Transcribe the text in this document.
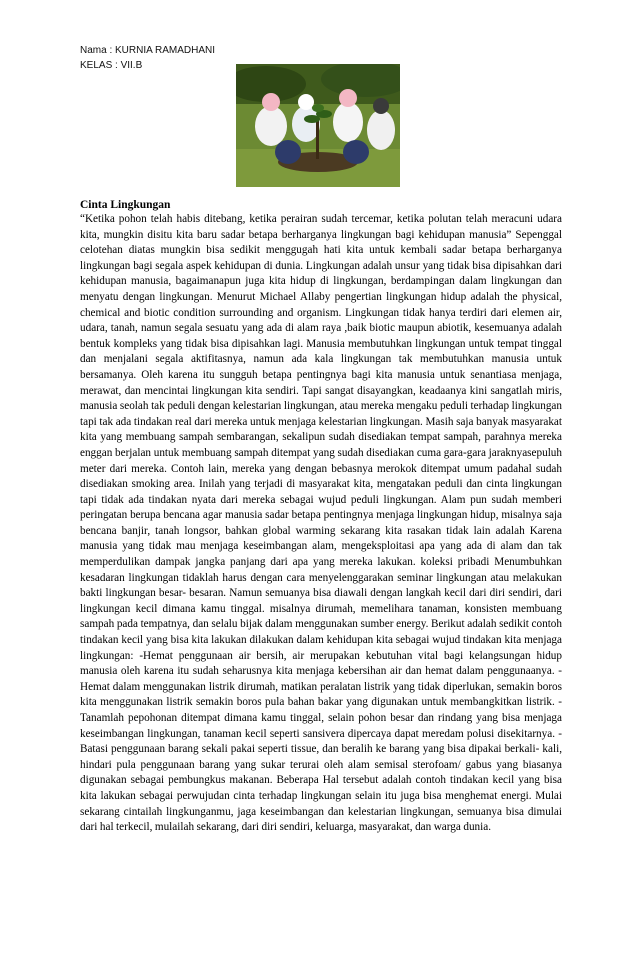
Nama : KURNIA RAMADHANI
KELAS : VII.B
Cinta Lingkungan

“Ketika pohon telah habis ditebang, ketika perairan sudah tercemar, ketika polutan telah meracuni udara kita, mungkin disitu kita baru sadar betapa berharganya lingkungan bagi kehidupan manusia” Sepenggal celotehan diatas mungkin bisa sedikit menggugah hati kita untuk kembali sadar betapa berharganya lingkungan bagi segala aspek kehidupan di dunia. Lingkungan adalah unsur yang tidak bisa dipisahkan dari kehidupan manusia, bagaimanapun juga kita hidup di lingkungan, berdampingan dalam lingkungan dan menyatu dengan lingkungan. Menurut Michael Allaby pengertian lingkungan hidup adalah the physical, chemical and biotic condition surrounding and organism. Lingkungan tidak hanya terdiri dari elemen air, udara, tanah, namun segala sesuatu yang ada di alam raya ,baik biotic maupun abiotik, kesemuanya adalah bentuk kompleks yang tidak bisa dipisahkan lagi. Manusia membutuhkan lingkungan untuk tempat tinggal dan menjalani segala aktifitasnya, namun ada kala lingkungan tak membutuhkan manusia untuk bersamanya. Oleh karena itu sungguh betapa pentingnya bagi kita manusia untuk senantiasa menjaga, merawat, dan mencintai lingkungan kita sendiri. Tapi sangat disayangkan, keadaanya kini sangatlah miris, manusia seolah tak peduli dengan kelestarian lingkungan, atau mereka mengaku peduli terhadap lingkungan tapi tak ada tindakan real dari mereka untuk menjaga kelestarian lingkungan. Masih saja banyak masyarakat kita yang membuang sampah sembarangan, sekalipun sudah disediakan tempat sampah, parahnya mereka enggan berjalan untuk membuang sampah ditempat yang sudah disediakan cuma gara-gara jaraknyasepuluh meter dari mereka. Contoh lain, mereka yang dengan bebasnya merokok ditempat umum padahal sudah disediakan smoking area. Inilah yang terjadi di masyarakat kita, mengatakan peduli dan cinta lingkungan tapi tidak ada tindakan nyata dari mereka sebagai wujud peduli lingkungan. Alam pun sudah memberi peringatan berupa bencana agar manusia sadar betapa pentingnya menjaga lingkungan hidup, misalnya saja bencana banjir, tanah longsor, bahkan global warming sekarang kita rasakan tidak lain adalah Karena manusia yang tidak mau menjaga keseimbangan alam, mengeksploitasi apa yang ada di alam dan tak memperdulikan dampak jangka panjang dari apa yang mereka lakukan. koleksi pribadi Menumbuhkan kesadaran lingkungan tidaklah harus dengan cara menyelenggarakan seminar lingkungan atau melakukan bakti lingkungan besar- besaran. Namun semuanya bisa diawali dengan langkah kecil dari diri sendiri, dari lingkungan kecil dimana kamu tinggal. misalnya dirumah, memelihara tanaman, konsisten membuang sampah pada tempatnya, dan selalu bijak dalam menggunakan sumber energy. Berikut adalah sedikit contoh tindakan kecil yang bisa kita lakukan dilakukan dalam kehidupan kita sebagai wujud tindakan kita menjaga lingkungan: -Hemat penggunaan air bersih, air merupakan kebutuhan vital bagi kelangsungan hidup manusia oleh karena itu sudah seharusnya kita menjaga kebersihan air dan hemat dalam penggunaanya. -Hemat dalam menggunakan listrik dirumah, matikan peralatan listrik yang tidak diperlukan, semakin boros kita menggunakan listrik semakin boros pula bahan bakar yang digunakan untuk membangkitkan listrik. -Tanamlah pepohonan ditempat dimana kamu tinggal, selain pohon besar dan rindang yang bisa menjaga keseimbangan lingkungan, tanaman kecil seperti sansivera dipercaya dapat meredam polusi disekitarnya. -Batasi penggunaan barang sekali pakai seperti tissue, dan beralih ke barang yang bisa dipakai berkali- kali, hindari pula penggunaan barang yang sukar terurai oleh alam semisal sterofoam/ gabus yang biasanya digunakan sebagai pembungkus makanan. Beberapa Hal tersebut adalah contoh tindakan kecil yang bisa kita lakukan sebagai perwujudan cinta terhadap lingkungan selain itu juga bisa menghemat energi. Mulai sekarang cintailah lingkunganmu, jaga keseimbangan dan kelestarian lingkungan, semuanya bisa dimulai dari hal terkecil, mulailah sekarang, dari diri sendiri, keluarga, masyarakat, dan warga dunia.
